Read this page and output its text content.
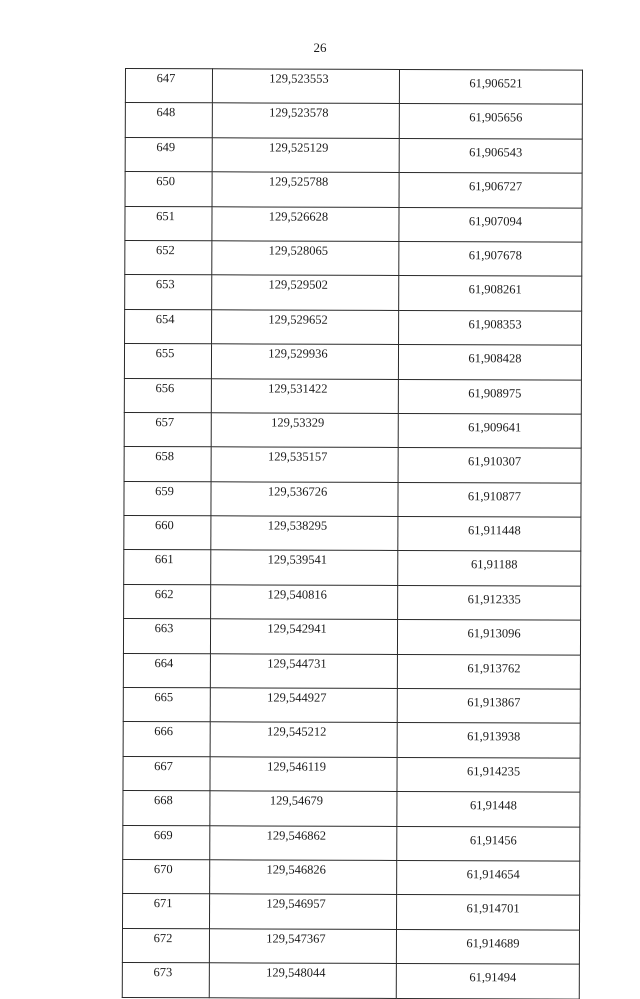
26
647	129,523553	61,906521
648	129,523578	61,905656
649	129,525129	61,906543
650	129,525788	61,906727
651	129,526628	61,907094
652	129,528065	61,907678
653	129,529502	61,908261
654	129,529652	61,908353
655	129,529936	61,908428
656	129,531422	61,908975
657	129,53329	61,909641
658	129,535157	61,910307
659	129,536726	61,910877
660	129,538295	61,911448
661	129,539541	61,91188
662	129,540816	61,912335
663	129,542941	61,913096
664	129,544731	61,913762
665	129,544927	61,913867
666	129,545212	61,913938
667	129,546119	61,914235
668	129,54679	61,91448
669	129,546862	61,91456
670	129,546826	61,914654
671	129,546957	61,914701
672	129,547367	61,914689
673	129,548044	61,91494
